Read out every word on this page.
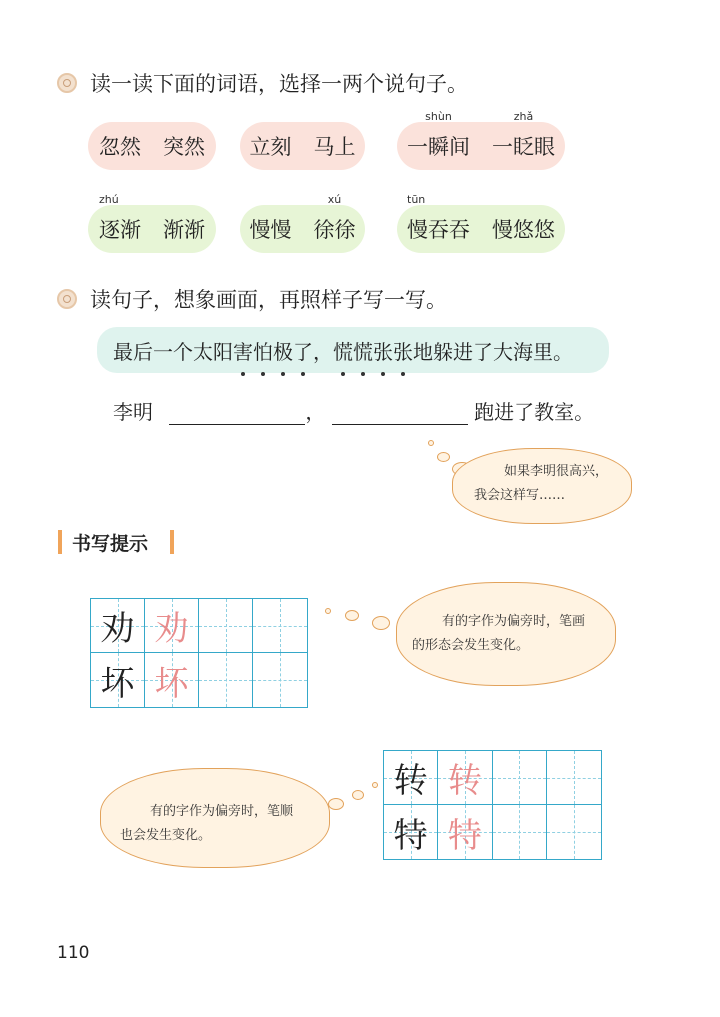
读一读下面的词语，选择一两个说句子。
忽然 突然 立刻 马上
shùn
一瞬间
zhǎ
一眨眼
zhú
逐渐 渐渐 慢慢
xú
徐徐
tūn
慢吞吞 慢悠悠
读句子，想象画面，再照样子写一写。
最后一个太阳 害怕极了 ， 慌慌张张 地躲进了大海里。
李明	，	跑进了教室。
如果李明很高兴，
我会这样写……
书写提示
劝 劝
坏 坏
有的字作为偏旁时，笔画
的形态会发生变化。
转 转
特 特
有的字作为偏旁时，笔顺
也会发生变化。
110
